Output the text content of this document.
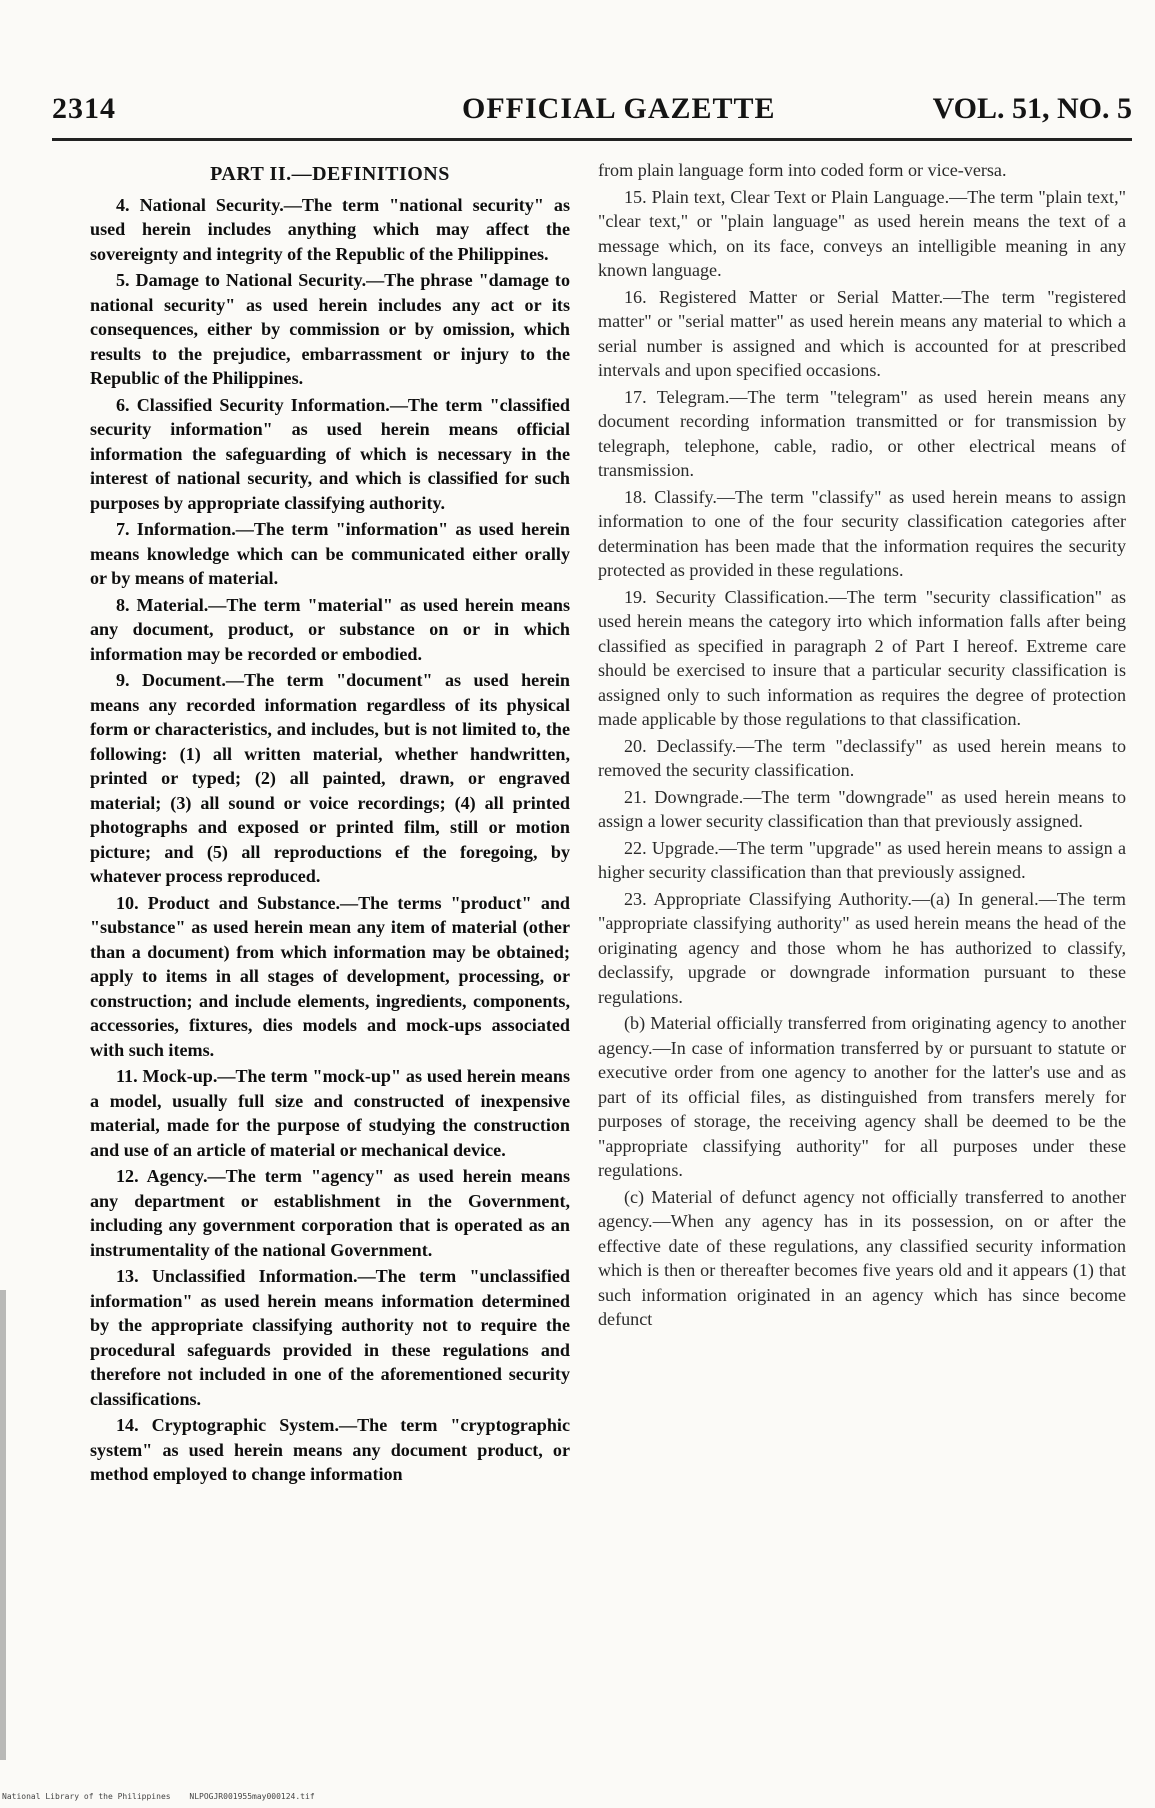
2314	OFFICIAL GAZETTE	VOL. 51, NO. 5
PART II.—DEFINITIONS

4. National Security.—The term "national security" as used herein includes anything which may affect the sovereignty and integrity of the Republic of the Philippines.

5. Damage to National Security.—The phrase "damage to national security" as used herein includes any act or its consequences, either by commission or by omission, which results to the prejudice, embarrassment or injury to the Republic of the Philippines.

6. Classified Security Information.—The term "classified security information" as used herein means official information the safeguarding of which is necessary in the interest of national security, and which is classified for such purposes by appropriate classifying authority.

7. Information.—The term "information" as used herein means knowledge which can be communicated either orally or by means of material.

8. Material.—The term "material" as used herein means any document, product, or substance on or in which information may be recorded or embodied.

9. Document.—The term "document" as used herein means any recorded information regardless of its physical form or characteristics, and includes, but is not limited to, the following: (1) all written material, whether handwritten, printed or typed; (2) all painted, drawn, or engraved material; (3) all sound or voice recordings; (4) all printed photographs and exposed or printed film, still or motion picture; and (5) all reproductions ef the foregoing, by whatever process reproduced.

10. Product and Substance.—The terms "product" and "substance" as used herein mean any item of material (other than a document) from which information may be obtained; apply to items in all stages of development, processing, or construction; and include elements, ingredients, components, accessories, fixtures, dies models and mock-ups associated with such items.

11. Mock-up.—The term "mock-up" as used herein means a model, usually full size and constructed of inexpensive material, made for the purpose of studying the construction and use of an article of material or mechanical device.

12. Agency.—The term "agency" as used herein means any department or establishment in the Government, including any government corporation that is operated as an instrumentality of the national Government.

13. Unclassified Information.—The term "unclassified information" as used herein means information determined by the appropriate classifying authority not to require the procedural safeguards provided in these regulations and therefore not included in one of the aforementioned security classifications.

14. Cryptographic System.—The term "cryptographic system" as used herein means any document product, or method employed to change information

from plain language form into coded form or vice-versa.

15. Plain text, Clear Text or Plain Language.—The term "plain text," "clear text," or "plain language" as used herein means the text of a message which, on its face, conveys an intelligible meaning in any known language.

16. Registered Matter or Serial Matter.—The term "registered matter" or "serial matter" as used herein means any material to which a serial number is assigned and which is accounted for at prescribed intervals and upon specified occasions.

17. Telegram.—The term "telegram" as used herein means any document recording information transmitted or for transmission by telegraph, telephone, cable, radio, or other electrical means of transmission.

18. Classify.—The term "classify" as used herein means to assign information to one of the four security classification categories after determination has been made that the information requires the security protected as provided in these regulations.

19. Security Classification.—The term "security classification" as used herein means the category irto which information falls after being classified as specified in paragraph 2 of Part I hereof. Extreme care should be exercised to insure that a particular security classification is assigned only to such information as requires the degree of protection made applicable by those regulations to that classification.

20. Declassify.—The term "declassify" as used herein means to removed the security classification.

21. Downgrade.—The term "downgrade" as used herein means to assign a lower security classification than that previously assigned.

22. Upgrade.—The term "upgrade" as used herein means to assign a higher security classification than that previously assigned.

23. Appropriate Classifying Authority.—(a) In general.—The term "appropriate classifying authority" as used herein means the head of the originating agency and those whom he has authorized to classify, declassify, upgrade or downgrade information pursuant to these regulations.

(b) Material officially transferred from originating agency to another agency.—In case of information transferred by or pursuant to statute or executive order from one agency to another for the latter's use and as part of its official files, as distinguished from transfers merely for purposes of storage, the receiving agency shall be deemed to be the "appropriate classifying authority" for all purposes under these regulations.

(c) Material of defunct agency not officially transferred to another agency.—When any agency has in its possession, on or after the effective date of these regulations, any classified security information which is then or thereafter becomes five years old and it appears (1) that such information originated in an agency which has since become defunct

National Library of the Philippines NLPOGJR001955may000124.tif
